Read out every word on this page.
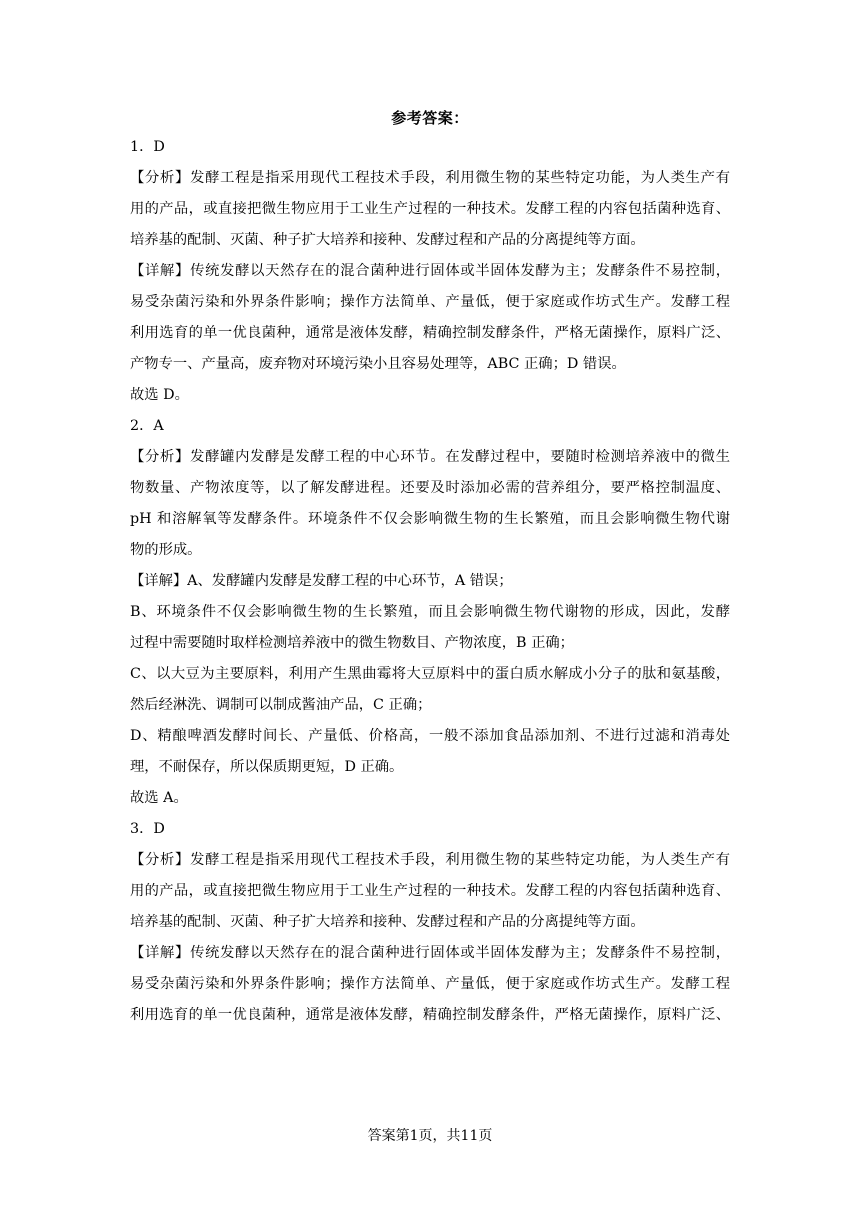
参考答案：
1．D
【分析】发酵工程是指采用现代工程技术手段，利用微生物的某些特定功能，为人类生产有
用的产品，或直接把微生物应用于工业生产过程的一种技术。发酵工程的内容包括菌种选育、
培养基的配制、灭菌、种子扩大培养和接种、发酵过程和产品的分离提纯等方面。
【详解】传统发酵以天然存在的混合菌种进行固体或半固体发酵为主；发酵条件不易控制，
易受杂菌污染和外界条件影响；操作方法简单、产量低，便于家庭或作坊式生产。发酵工程
利用选育的单一优良菌种，通常是液体发酵，精确控制发酵条件，严格无菌操作，原料广泛、
产物专一、产量高，废弃物对环境污染小且容易处理等，ABC 正确；D 错误。
故选 D。
2．A
【分析】发酵罐内发酵是发酵工程的中心环节。在发酵过程中，要随时检测培养液中的微生
物数量、产物浓度等，以了解发酵进程。还要及时添加必需的营养组分，要严格控制温度、
pH 和溶解氧等发酵条件。环境条件不仅会影响微生物的生长繁殖，而且会影响微生物代谢
物的形成。
【详解】A、发酵罐内发酵是发酵工程的中心环节，A 错误；
B、环境条件不仅会影响微生物的生长繁殖，而且会影响微生物代谢物的形成，因此，发酵
过程中需要随时取样检测培养液中的微生物数目、产物浓度，B 正确；
C、以大豆为主要原料，利用产生黑曲霉将大豆原料中的蛋白质水解成小分子的肽和氨基酸，
然后经淋洗、调制可以制成酱油产品，C 正确；
D、精酿啤酒发酵时间长、产量低、价格高，一般不添加食品添加剂、不进行过滤和消毒处
理，不耐保存，所以保质期更短，D 正确。
故选 A。
3．D
【分析】发酵工程是指采用现代工程技术手段，利用微生物的某些特定功能，为人类生产有
用的产品，或直接把微生物应用于工业生产过程的一种技术。发酵工程的内容包括菌种选育、
培养基的配制、灭菌、种子扩大培养和接种、发酵过程和产品的分离提纯等方面。
【详解】传统发酵以天然存在的混合菌种进行固体或半固体发酵为主；发酵条件不易控制，
易受杂菌污染和外界条件影响；操作方法简单、产量低，便于家庭或作坊式生产。发酵工程
利用选育的单一优良菌种，通常是液体发酵，精确控制发酵条件，严格无菌操作，原料广泛、
答案第1页，共11页
